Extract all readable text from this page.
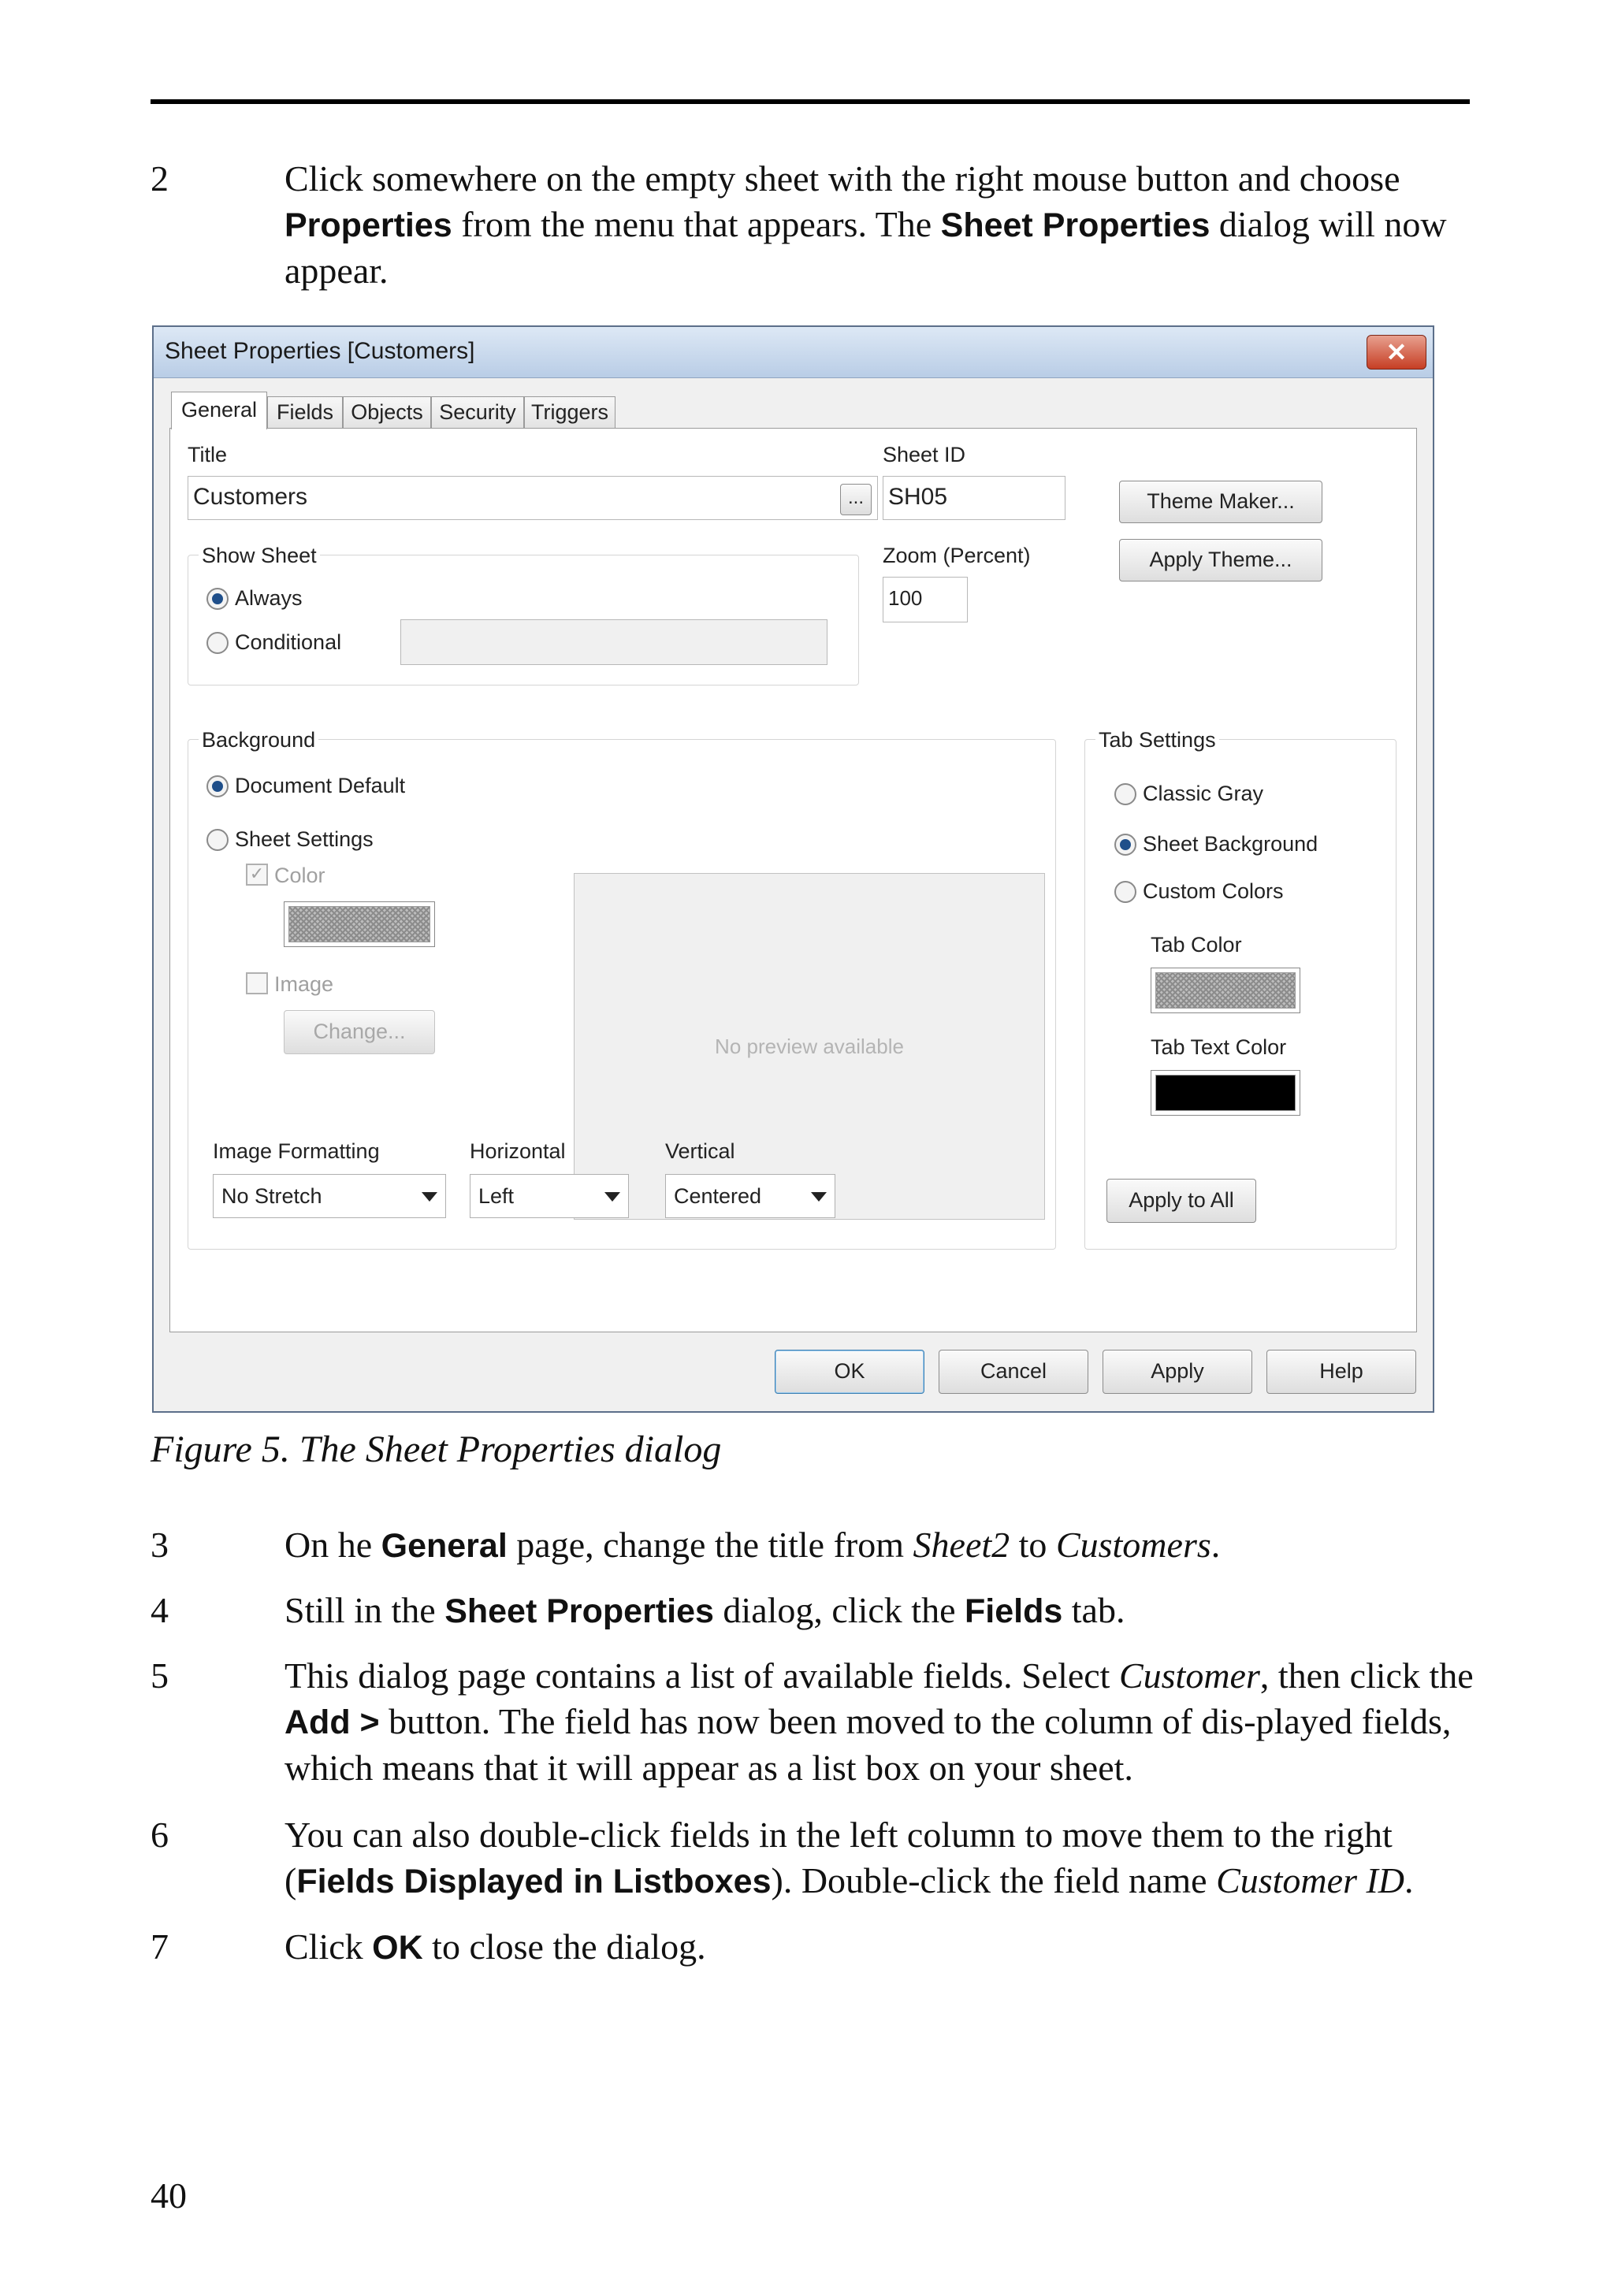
2	Click somewhere on the empty sheet with the right mouse button and choose Properties from the menu that appears. The Sheet Properties dialog will now appear.
Sheet Properties [Customers]	✕
General Fields Objects Security Triggers
Title
Customers	...
Sheet ID
SH05	Theme Maker...
Apply Theme...
Show Sheet
Always
Conditional
Zoom (Percent)
100
Background
Document Default
Sheet Settings
✓ Color
Image
Change...
No preview available
Image Formatting
No Stretch
Horizontal
Left
Vertical
Centered
Tab Settings
Classic Gray
Sheet Background
Custom Colors
Tab Color
Tab Text Color
Apply to All
OK	Cancel	Apply	Help
Figure 5. The Sheet Properties dialog
3	On he General page, change the title from Sheet2 to Customers.
4	Still in the Sheet Properties dialog, click the Fields tab.
5	This dialog page contains a list of available fields. Select Customer, then click the Add > button. The field has now been moved to the column of dis-played fields, which means that it will appear as a list box on your sheet.
6	You can also double-click fields in the left column to move them to the right (Fields Displayed in Listboxes). Double-click the field name Customer ID.
7	Click OK to close the dialog.
40
